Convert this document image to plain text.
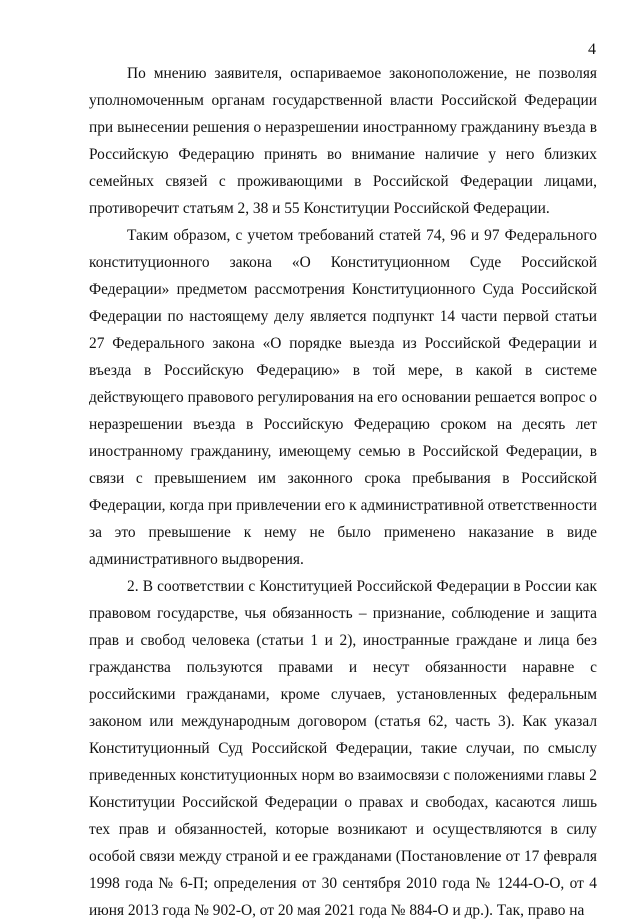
4

По мнению заявителя, оспариваемое законоположение, не позволяя уполномоченным органам государственной власти Российской Федерации при вынесении решения о неразрешении иностранному гражданину въезда в Российскую Федерацию принять во внимание наличие у него близких семейных связей с проживающими в Российской Федерации лицами, противоречит статьям 2, 38 и 55 Конституции Российской Федерации.

Таким образом, с учетом требований статей 74, 96 и 97 Федерального конституционного закона «О Конституционном Суде Российской Федерации» предметом рассмотрения Конституционного Суда Российской Федерации по настоящему делу является подпункт 14 части первой статьи 27 Федерального закона «О порядке выезда из Российской Федерации и въезда в Российскую Федерацию» в той мере, в какой в системе действующего правового регулирования на его основании решается вопрос о неразрешении въезда в Российскую Федерацию сроком на десять лет иностранному гражданину, имеющему семью в Российской Федерации, в связи с превышением им законного срока пребывания в Российской Федерации, когда при привлечении его к административной ответственности за это превышение к нему не было применено наказание в виде административного выдворения.

2. В соответствии с Конституцией Российской Федерации в России как правовом государстве, чья обязанность – признание, соблюдение и защита прав и свобод человека (статьи 1 и 2), иностранные граждане и лица без гражданства пользуются правами и несут обязанности наравне с российскими гражданами, кроме случаев, установленных федеральным законом или международным договором (статья 62, часть 3). Как указал Конституционный Суд Российской Федерации, такие случаи, по смыслу приведенных конституционных норм во взаимосвязи с положениями главы 2 Конституции Российской Федерации о правах и свободах, касаются лишь тех прав и обязанностей, которые возникают и осуществляются в силу особой связи между страной и ее гражданами (Постановление от 17 февраля 1998 года № 6-П; определения от 30 сентября 2010 года № 1244-О-О, от 4 июня 2013 года № 902-О, от 20 мая 2021 года № 884-О и др.). Так, право на
